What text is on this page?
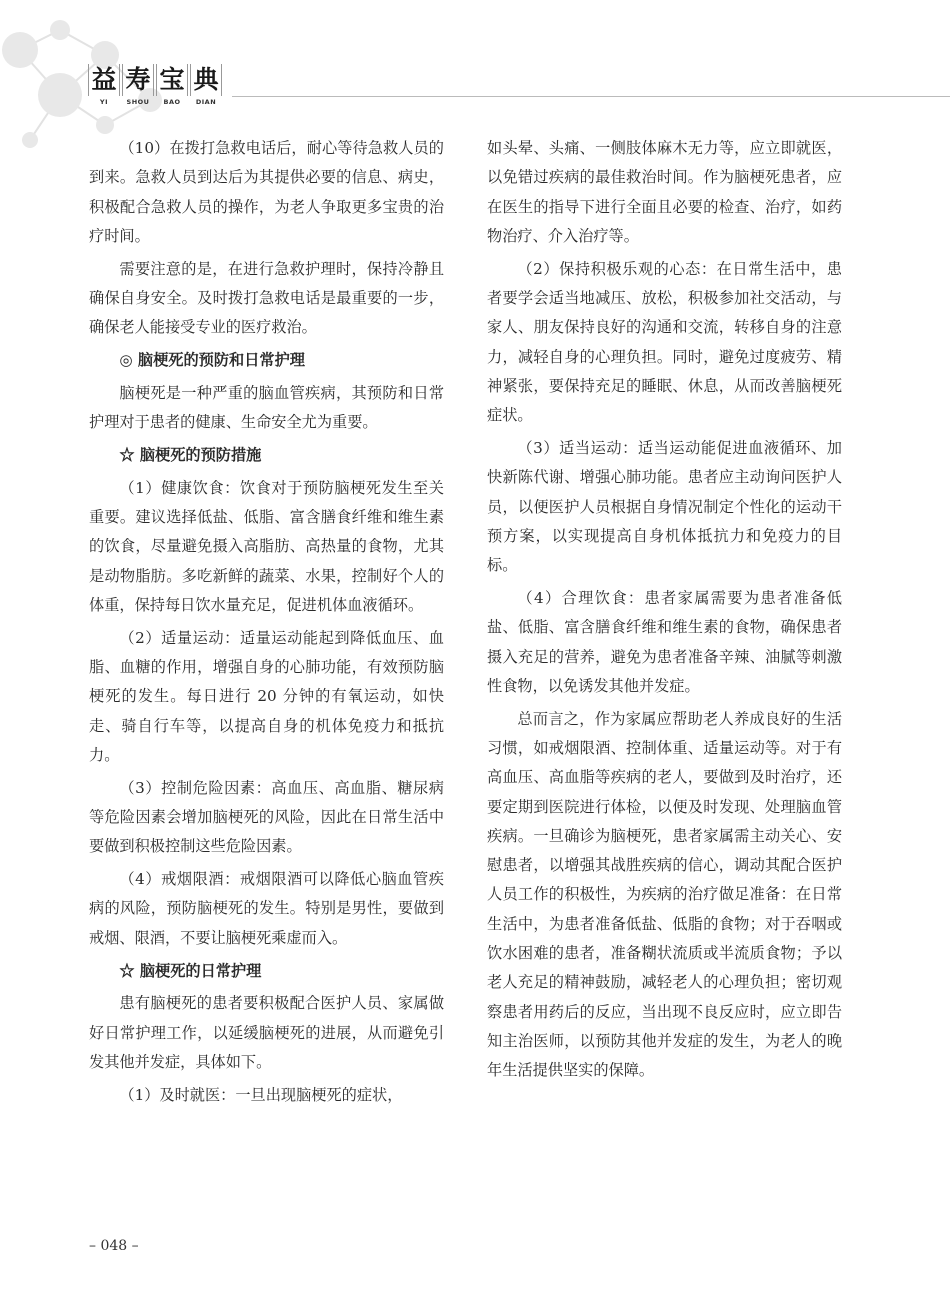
益 寿 宝 典
YI	SHOU	BAO	DIAN

（10）在拨打急救电话后，耐心等待急救人员的到来。急救人员到达后为其提供必要的信息、病史，积极配合急救人员的操作，为老人争取更多宝贵的治疗时间。

需要注意的是，在进行急救护理时，保持冷静且确保自身安全。及时拨打急救电话是最重要的一步，确保老人能接受专业的医疗救治。

◎ 脑梗死的预防和日常护理

脑梗死是一种严重的脑血管疾病，其预防和日常护理对于患者的健康、生命安全尤为重要。

☆ 脑梗死的预防措施

（1）健康饮食：饮食对于预防脑梗死发生至关重要。建议选择低盐、低脂、富含膳食纤维和维生素的饮食，尽量避免摄入高脂肪、高热量的食物，尤其是动物脂肪。多吃新鲜的蔬菜、水果，控制好个人的体重，保持每日饮水量充足，促进机体血液循环。

（2）适量运动：适量运动能起到降低血压、血脂、血糖的作用，增强自身的心肺功能，有效预防脑梗死的发生。每日进行 20 分钟的有氧运动，如快走、骑自行车等，以提高自身的机体免疫力和抵抗力。

（3）控制危险因素：高血压、高血脂、糖尿病等危险因素会增加脑梗死的风险，因此在日常生活中要做到积极控制这些危险因素。

（4）戒烟限酒：戒烟限酒可以降低心脑血管疾病的风险，预防脑梗死的发生。特别是男性，要做到戒烟、限酒，不要让脑梗死乘虚而入。

☆ 脑梗死的日常护理

患有脑梗死的患者要积极配合医护人员、家属做好日常护理工作，以延缓脑梗死的进展，从而避免引发其他并发症，具体如下。

（1）及时就医：一旦出现脑梗死的症状，

如头晕、头痛、一侧肢体麻木无力等，应立即就医，以免错过疾病的最佳救治时间。作为脑梗死患者，应在医生的指导下进行全面且必要的检查、治疗，如药物治疗、介入治疗等。

（2）保持积极乐观的心态：在日常生活中，患者要学会适当地减压、放松，积极参加社交活动，与家人、朋友保持良好的沟通和交流，转移自身的注意力，减轻自身的心理负担。同时，避免过度疲劳、精神紧张，要保持充足的睡眠、休息，从而改善脑梗死症状。

（3）适当运动：适当运动能促进血液循环、加快新陈代谢、增强心肺功能。患者应主动询问医护人员，以便医护人员根据自身情况制定个性化的运动干预方案，以实现提高自身机体抵抗力和免疫力的目标。

（4）合理饮食：患者家属需要为患者准备低盐、低脂、富含膳食纤维和维生素的食物，确保患者摄入充足的营养，避免为患者准备辛辣、油腻等刺激性食物，以免诱发其他并发症。

总而言之，作为家属应帮助老人养成良好的生活习惯，如戒烟限酒、控制体重、适量运动等。对于有高血压、高血脂等疾病的老人，要做到及时治疗，还要定期到医院进行体检，以便及时发现、处理脑血管疾病。一旦确诊为脑梗死，患者家属需主动关心、安慰患者，以增强其战胜疾病的信心，调动其配合医护人员工作的积极性，为疾病的治疗做足准备：在日常生活中，为患者准备低盐、低脂的食物；对于吞咽或饮水困难的患者，准备糊状流质或半流质食物；予以老人充足的精神鼓励，减轻老人的心理负担；密切观察患者用药后的反应，当出现不良反应时，应立即告知主治医师，以预防其他并发症的发生，为老人的晚年生活提供坚实的保障。

– 048 –
